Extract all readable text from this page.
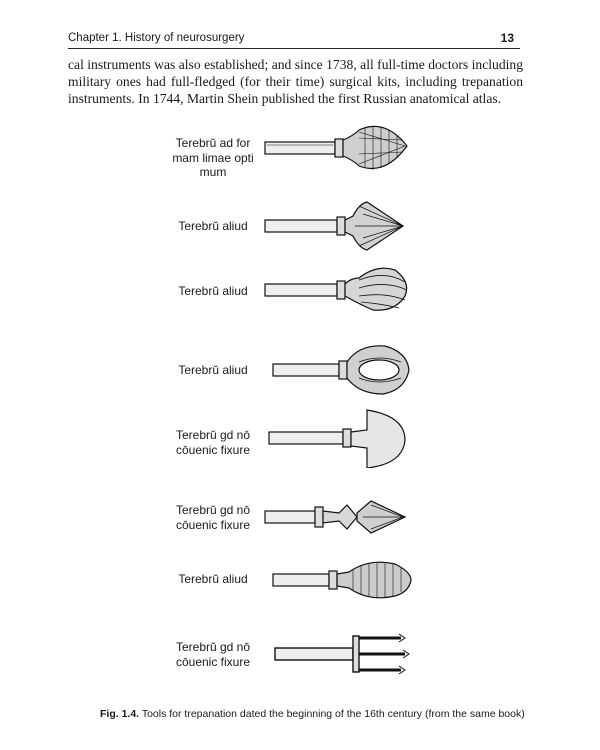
Chapter 1. History of neurosurgery	13

cal instruments was also established; and since 1738, all full-time doctors including military ones had full-fledged (for their time) surgical kits, including trepanation instruments. In 1744, Martin Shein published the first Russian anatomical atlas.

Terebrŭ ad for
mam limae opti
mum
Terebrŭ aliud
Terebrŭ aliud
Terebrŭ aliud
Terebrŭ gd nō
cōuenic fixure
Terebrŭ gd nō
cōuenic fixure
Terebrŭ aliud
Terebrŭ gd nō
cōuenic fixure
Fig. 1.4. Tools for trepanation dated the beginning of the 16th century (from the same book)
